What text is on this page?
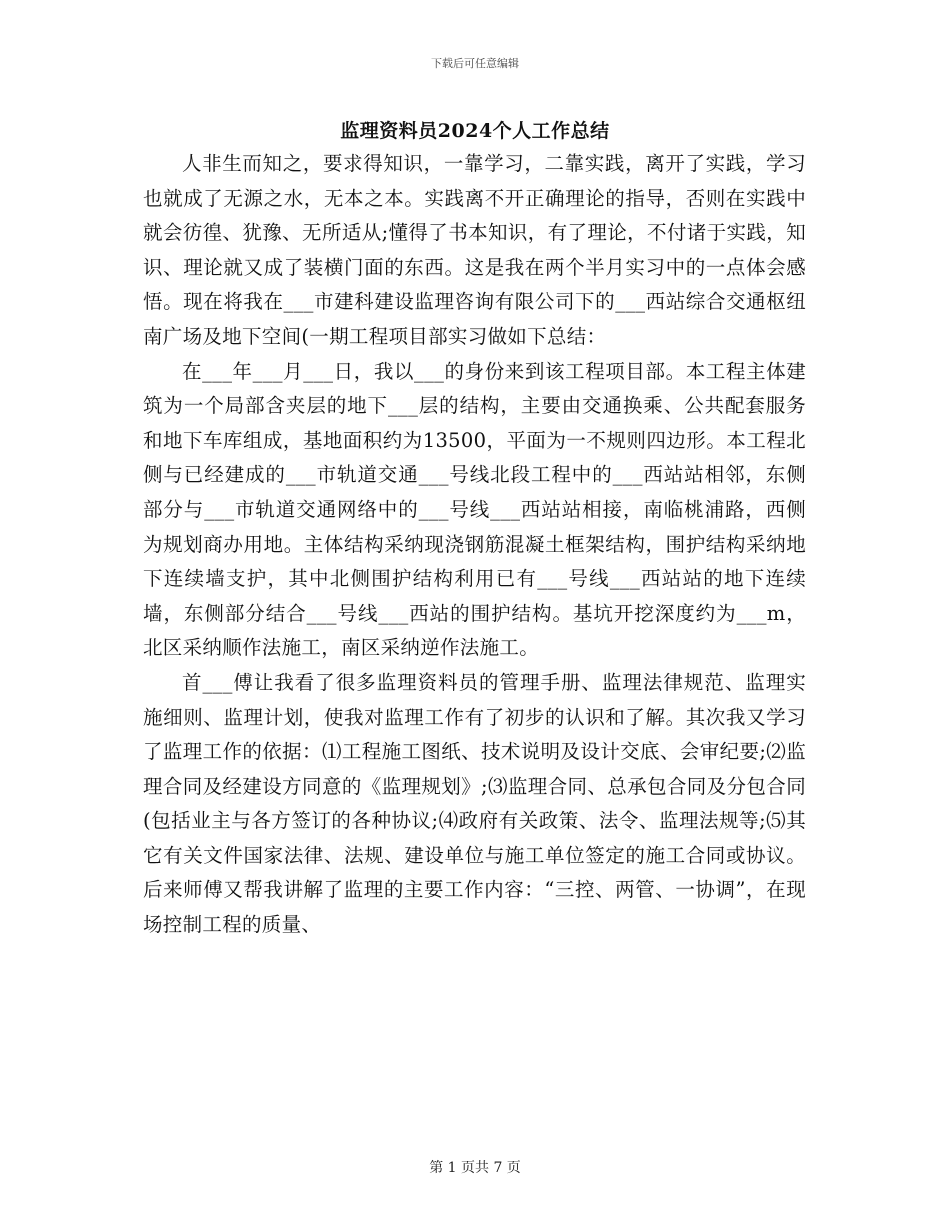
下载后可任意编辑
监理资料员2024个人工作总结

人非生而知之，要求得知识，一靠学习，二靠实践，离开了实践，学习也就成了无源之水，无本之本。实践离不开正确理论的指导，否则在实践中就会彷徨、犹豫、无所适从;懂得了书本知识，有了理论，不付诸于实践，知识、理论就又成了装横门面的东西。这是我在两个半月实习中的一点体会感悟。现在将我在___市建科建设监理咨询有限公司下的___西站综合交通枢纽南广场及地下空间(一期工程项目部实习做如下总结：

在___年___月___日，我以___的身份来到该工程项目部。本工程主体建筑为一个局部含夹层的地下___层的结构，主要由交通换乘、公共配套服务和地下车库组成，基地面积约为13500，平面为一不规则四边形。本工程北侧与已经建成的___市轨道交通___号线北段工程中的___西站站相邻，东侧部分与___市轨道交通网络中的___号线___西站站相接，南临桃浦路，西侧为规划商办用地。主体结构采纳现浇钢筋混凝土框架结构，围护结构采纳地下连续墙支护，其中北侧围护结构利用已有___号线___西站站的地下连续墙，东侧部分结合___号线___西站的围护结构。基坑开挖深度约为___m，北区采纳顺作法施工，南区采纳逆作法施工。

首___傅让我看了很多监理资料员的管理手册、监理法律规范、监理实施细则、监理计划，使我对监理工作有了初步的认识和了解。其次我又学习了监理工作的依据：⑴工程施工图纸、技术说明及设计交底、会审纪要;⑵监理合同及经建设方同意的《监理规划》;⑶监理合同、总承包合同及分包合同(包括业主与各方签订的各种协议;⑷政府有关政策、法令、监理法规等;⑸其它有关文件国家法律、法规、建设单位与施工单位签定的施工合同或协议。后来师傅又帮我讲解了监理的主要工作内容：“三控、两管、一协调”，在现场控制工程的质量、

第 1 页共 7 页
